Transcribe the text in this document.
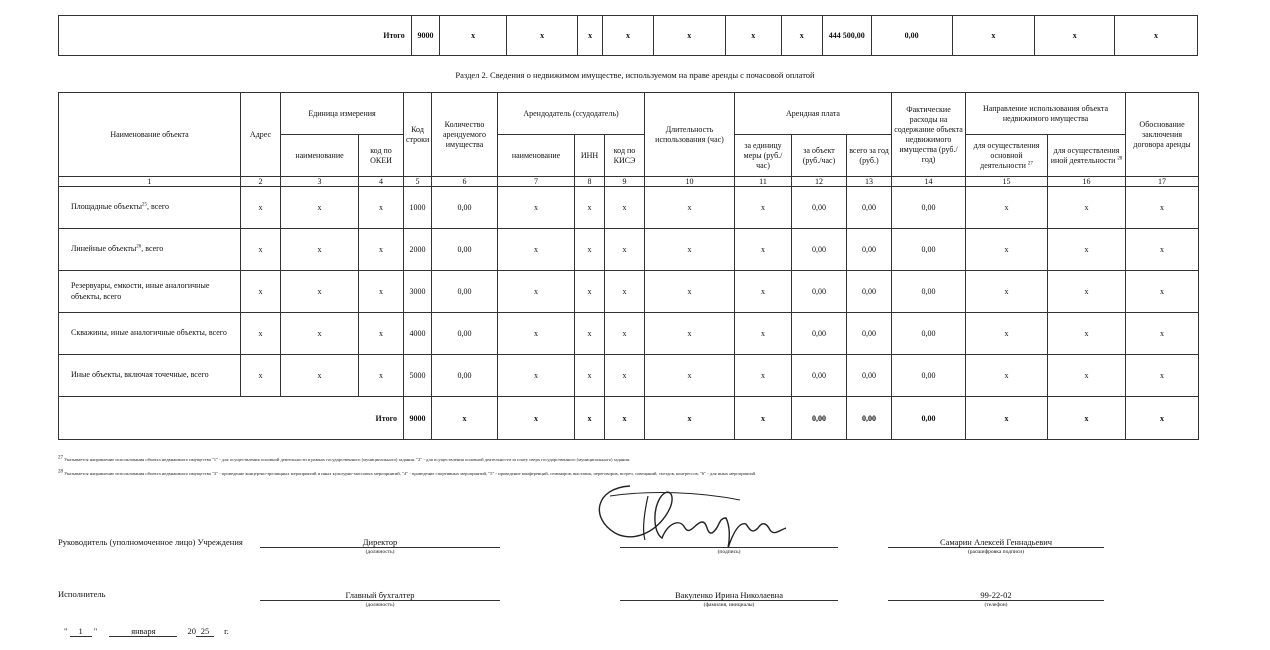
Итого	9000	x	x	x	x	x	x	x	444 500,00	0,00	x	x	x
Раздел 2. Сведения о недвижимом имуществе, используемом на праве аренды с почасовой оплатой
Наименование объекта	Адрес	Единица измерения		Код строки	Количество арендуемого имущества	Арендодатель (ссудодатель)			Длительность использования (час)	Арендная плата			Фактические расходы на содержание объекта недвижимого имущества (руб./год)	Направление использования объекта недвижимого имущества		Обоснование заключения договора аренды
		наименование	код по ОКЕИ			наименование	ИНН	код по КИСЭ		за единицу меры (руб./час)	за объект (руб./час)	всего за год (руб.)		для осуществления основной деятельности $^{27}$	для осуществления иной деятельности $^{28}$
1	2	3	4	5	6	7	8	9	10	11	12	13	14	15	16	17
Площадные объекты$^{25}$, всего	x	x	x	1000	0,00	x	x	x	x	x	0,00	0,00	0,00	x	x	x
Линейные объекты$^{26}$, всего	x	x	x	2000	0,00	x	x	x	x	x	0,00	0,00	0,00	x	x	x
Резервуары, емкости, иные аналогичные объекты, всего	x	x	x	3000	0,00	x	x	x	x	x	0,00	0,00	0,00	x	x	x
Скважины, иные аналогичные объекты, всего	x	x	x	4000	0,00	x	x	x	x	x	0,00	0,00	0,00	x	x	x
Иные объекты, включая точечные, всего	x	x	x	5000	0,00	x	x	x	x	x	0,00	0,00	0,00	x	x	x
Итого				9000	x	x	x	x	x	x	0,00	0,00	0,00	x	x	x
$^{27}$ Указывается направление использования объекта недвижимого имущества "1" - для осуществления основной деятельности в рамках государственного (муниципального) задания, "2" - для осуществления основной деятельности за плату сверх государственного (муниципального) задания.
$^{28}$ Указывается направление использования объекта недвижимого имущества "3" - проведение концертно-зрелищных мероприятий и иных культурно-массовых мероприятий, "4" - проведение спортивных мероприятий, "5" - проведение конференций, семинаров, выставок, переговоров, встреч, совещаний, съездов, конгрессов, "6" - для иных мероприятий.
Руководитель (уполномоченное лицо) Учреждения	Директор
(должность)	(подпись)
Самарин Алексей Геннадьевич
(расшифровка подписи)
Исполнитель	Главный бухгалтер
(должность)
Вакуленко Ирина Николаевна
(фамилия, инициалы)
99-22-02
(телефон)
" 1 "	января	20 25 г.
